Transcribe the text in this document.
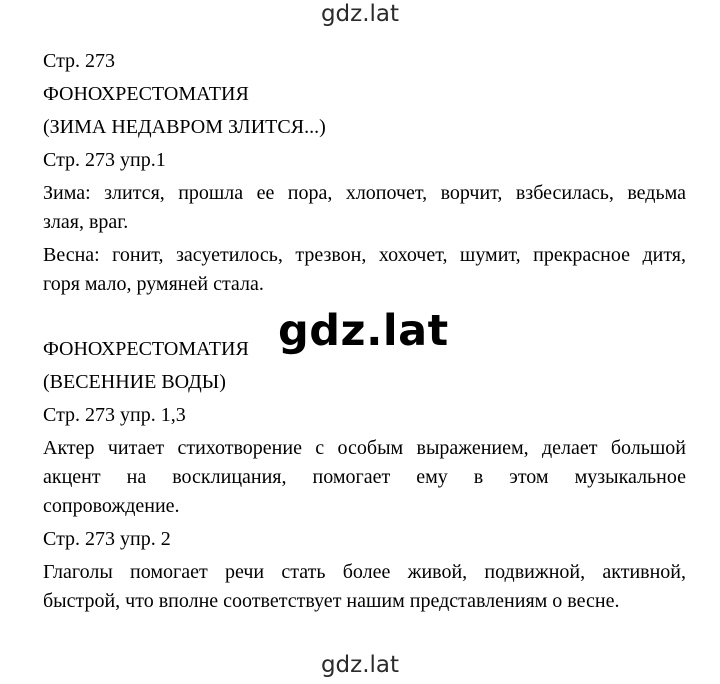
gdz.lat
Стр. 273
ФОНОХРЕСТОМАТИЯ
(ЗИМА НЕДАВРОМ ЗЛИТСЯ...)
Стр. 273 упр.1
Зима: злится, прошла ее пора, хлопочет, ворчит, взбесилась, ведьма
злая, враг.
Весна: гонит, засуетилось, трезвон, хохочет, шумит, прекрасное дитя,
горя мало, румяней стала.
ФОНОХРЕСТОМАТИЯ gdz.lat
(ВЕСЕННИЕ ВОДЫ)
Стр. 273 упр. 1,3
Актер читает стихотворение с особым выражением, делает большой
акцент на восклицания, помогает ему в этом музыкальное
сопровождение.
Стр. 273 упр. 2
Глаголы помогает речи стать более живой, подвижной, активной,
быстрой, что вполне соответствует нашим представлениям о весне.
gdz.lat
